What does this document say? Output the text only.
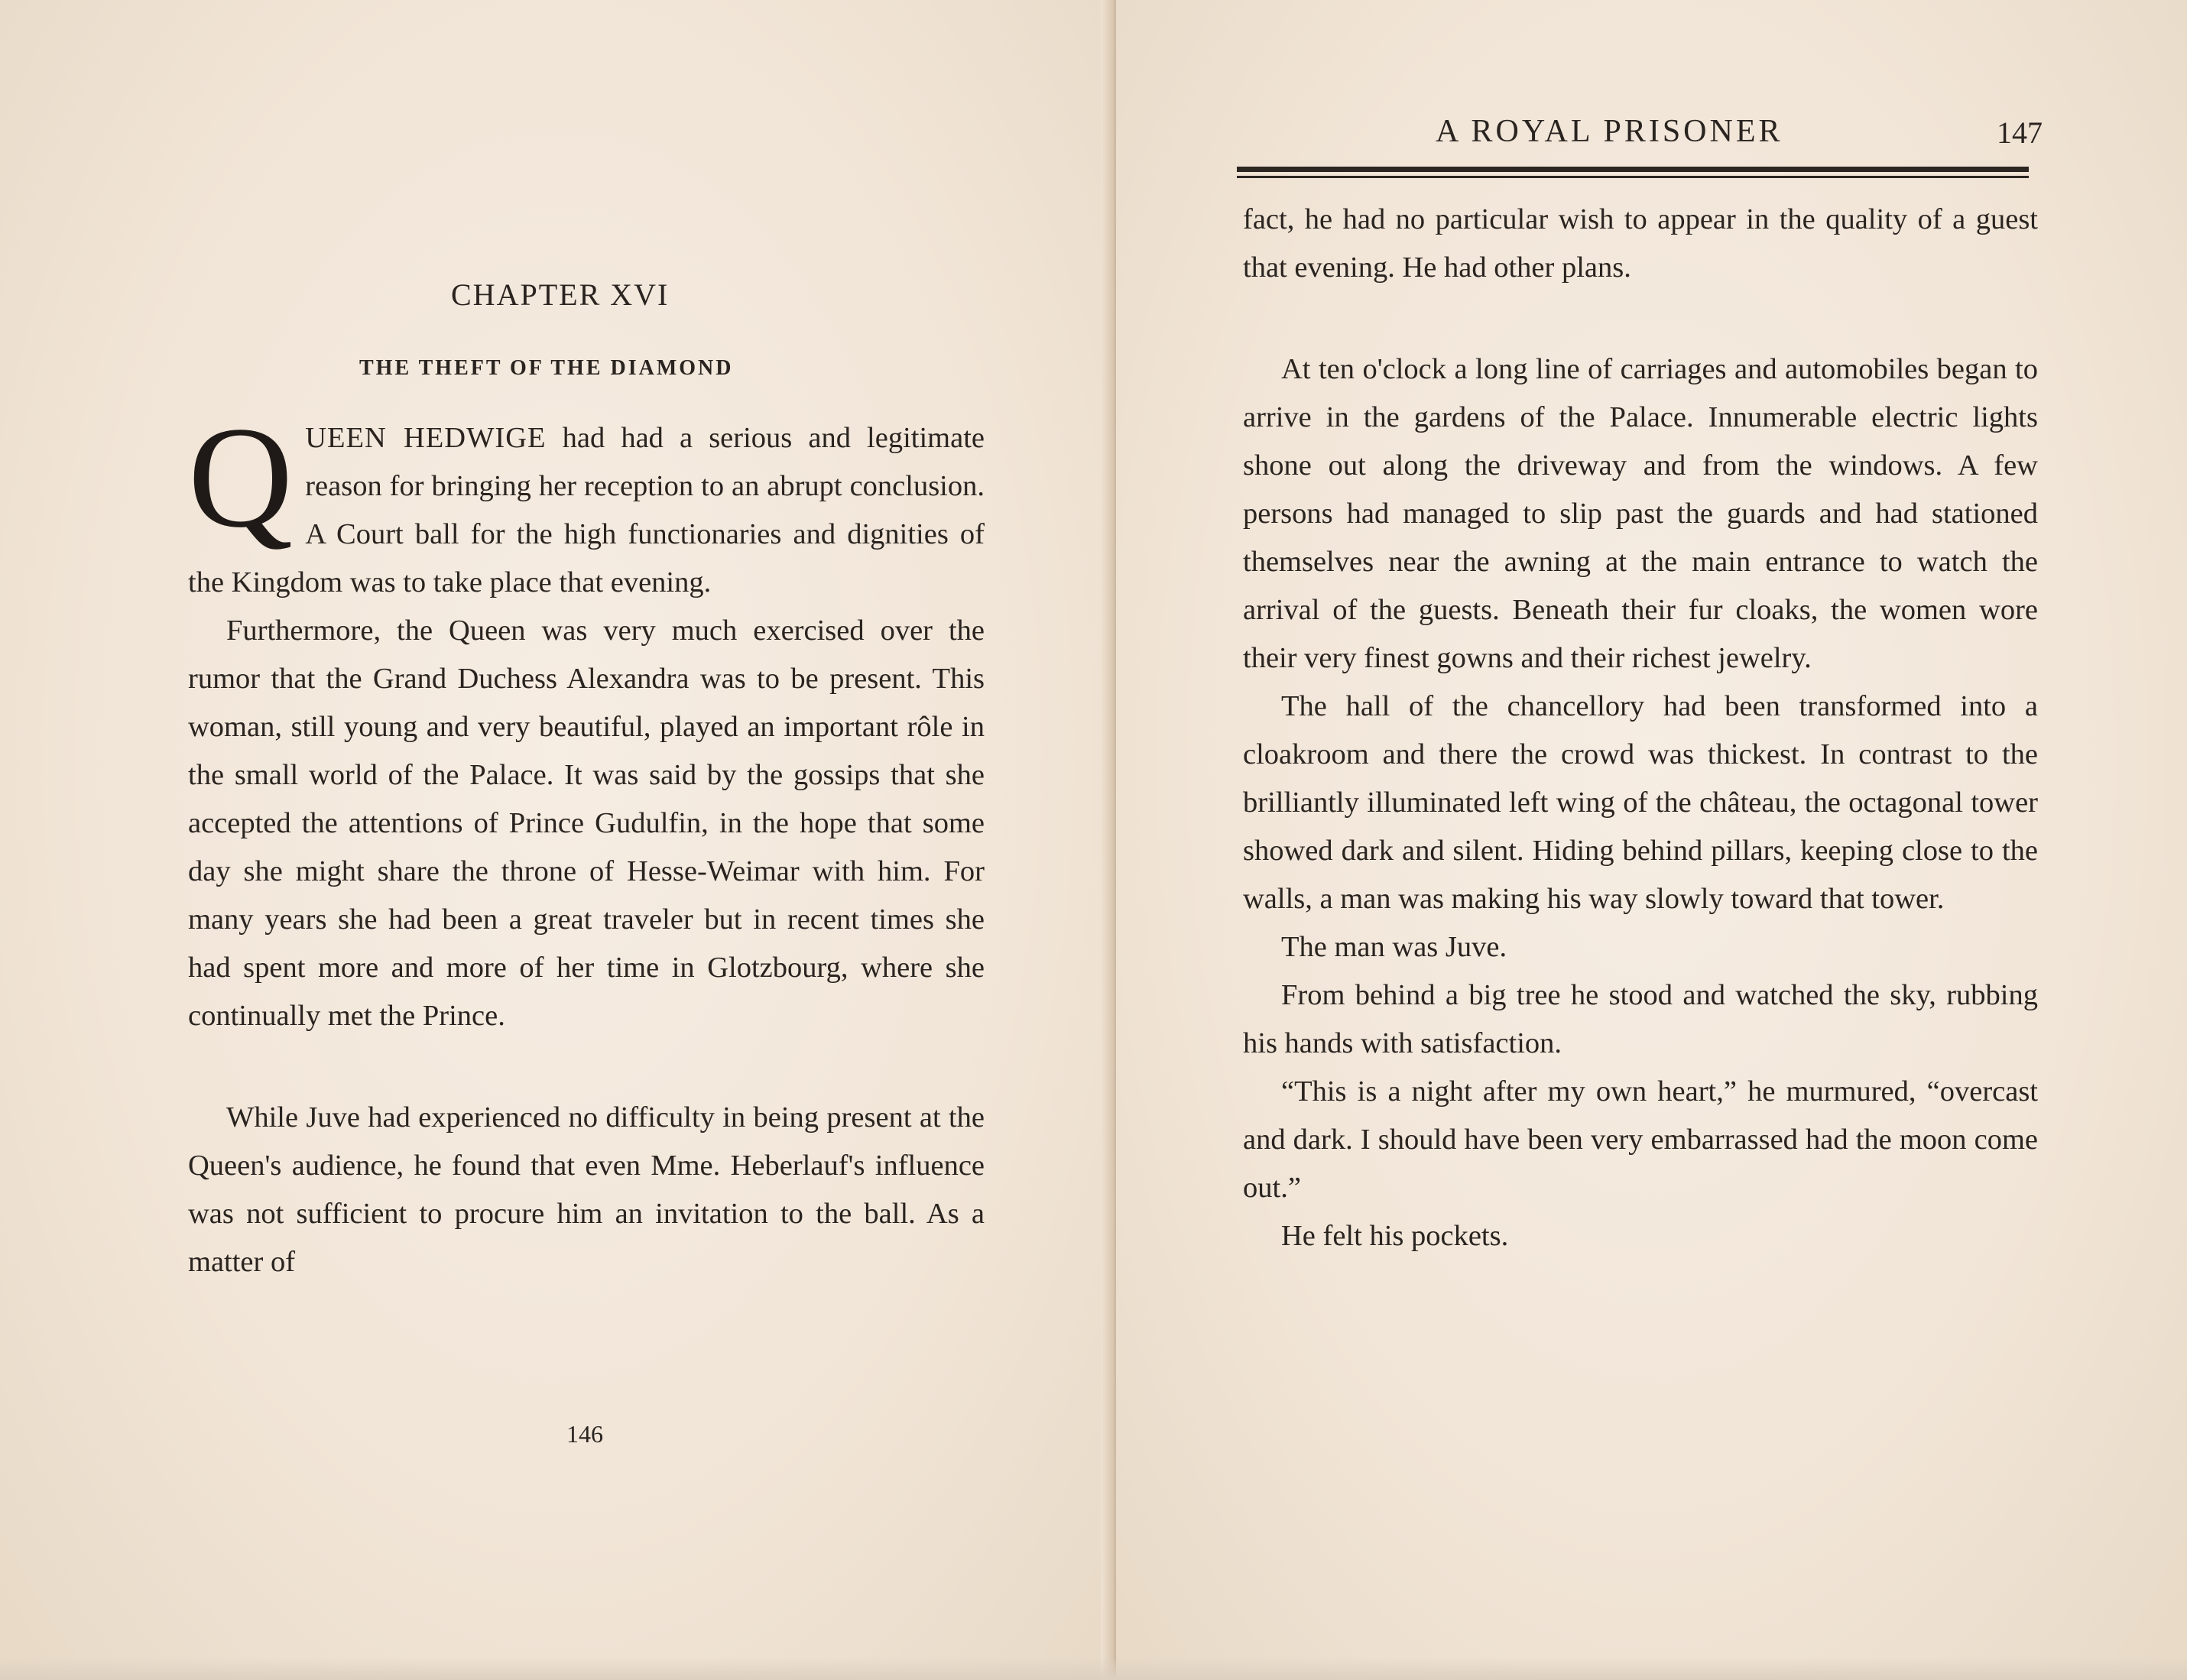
CHAPTER XVI
THE THEFT OF THE DIAMOND

QUEEN HEDWIGE had had a serious and legitimate reason for bringing her reception to an abrupt conclusion. A Court ball for the high functionaries and dignities of the Kingdom was to take place that evening.

Furthermore, the Queen was very much exercised over the rumor that the Grand Duchess Alexandra was to be present. This woman, still young and very beautiful, played an important rôle in the small world of the Palace. It was said by the gossips that she accepted the attentions of Prince Gudulfin, in the hope that some day she might share the throne of Hesse-Weimar with him. For many years she had been a great traveler but in recent times she had spent more and more of her time in Glotzbourg, where she continually met the Prince.

While Juve had experienced no difficulty in being present at the Queen's audience, he found that even Mme. Heberlauf's influence was not sufficient to procure him an invitation to the ball. As a matter of

146
A ROYAL PRISONER	147

fact, he had no particular wish to appear in the quality of a guest that evening. He had other plans.

At ten o'clock a long line of carriages and automobiles began to arrive in the gardens of the Palace. Innumerable electric lights shone out along the driveway and from the windows. A few persons had managed to slip past the guards and had stationed themselves near the awning at the main entrance to watch the arrival of the guests. Beneath their fur cloaks, the women wore their very finest gowns and their richest jewelry.

The hall of the chancellory had been transformed into a cloakroom and there the crowd was thickest. In contrast to the brilliantly illuminated left wing of the château, the octagonal tower showed dark and silent. Hiding behind pillars, keeping close to the walls, a man was making his way slowly toward that tower.

The man was Juve.

From behind a big tree he stood and watched the sky, rubbing his hands with satisfaction.

“This is a night after my own heart,” he murmured, “overcast and dark. I should have been very embarrassed had the moon come out.”

He felt his pockets.
